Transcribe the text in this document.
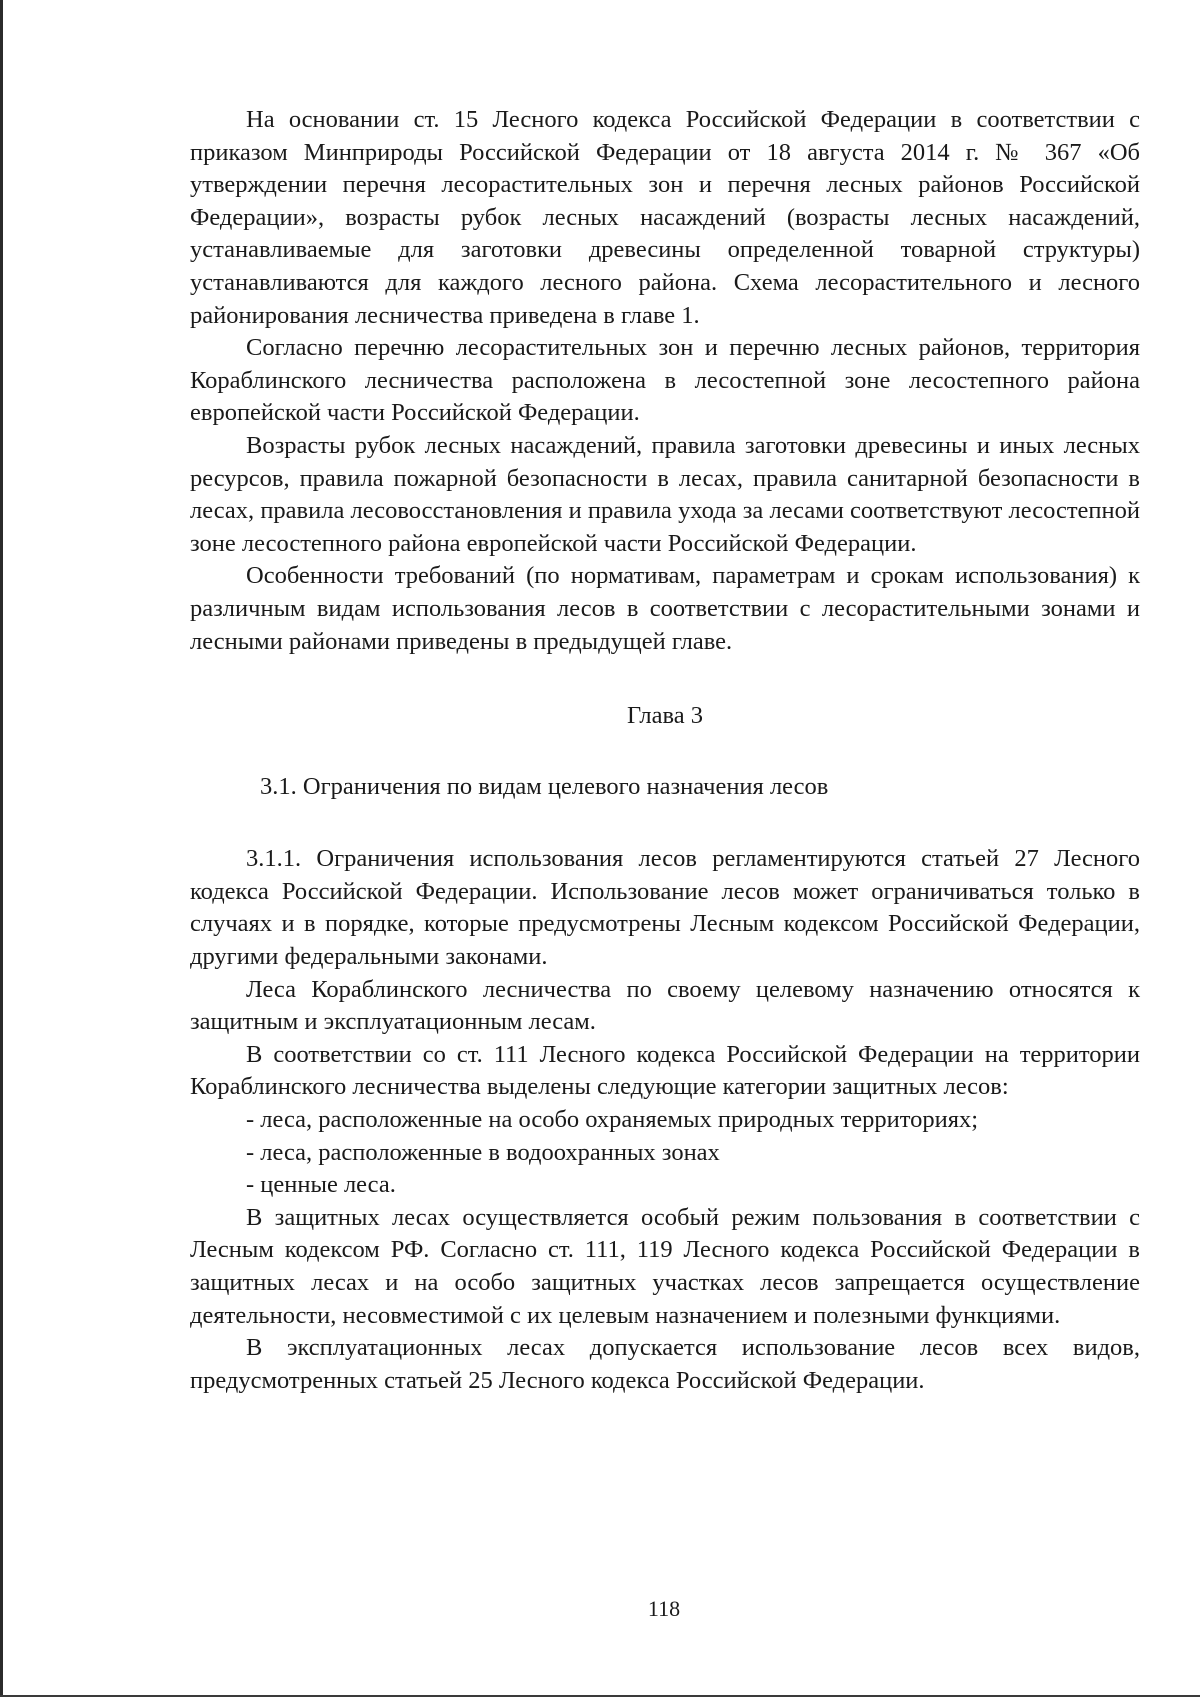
На основании ст. 15 Лесного кодекса Российской Федерации в соответствии с приказом Минприроды Российской Федерации от 18 августа 2014 г. № 367 «Об утверждении перечня лесорастительных зон и перечня лесных районов Российской Федерации», возрасты рубок лесных насаждений (возрасты лесных насаждений, устанавливаемые для заготовки древесины определенной товарной структуры) устанавливаются для каждого лесного района. Схема лесорастительного и лесного районирования лесничества приведена в главе 1.

Согласно перечню лесорастительных зон и перечню лесных районов, территория Кораблинского лесничества расположена в лесостепной зоне лесостепного района европейской части Российской Федерации.

Возрасты рубок лесных насаждений, правила заготовки древесины и иных лесных ресурсов, правила пожарной безопасности в лесах, правила санитарной безопасности в лесах, правила лесовосстановления и правила ухода за лесами соответствуют лесостепной зоне лесостепного района европейской части Российской Федерации.

Особенности требований (по нормативам, параметрам и срокам использования) к различным видам использования лесов в соответствии с лесорастительными зонами и лесными районами приведены в предыдущей главе.

Глава 3

3.1. Ограничения по видам целевого назначения лесов

3.1.1. Ограничения использования лесов регламентируются статьей 27 Лесного кодекса Российской Федерации. Использование лесов может ограничиваться только в случаях и в порядке, которые предусмотрены Лесным кодексом Российской Федерации, другими федеральными законами.

Леса Кораблинского лесничества по своему целевому назначению относятся к защитным и эксплуатационным лесам.

В соответствии со ст. 111 Лесного кодекса Российской Федерации на территории Кораблинского лесничества выделены следующие категории защитных лесов:

- леса, расположенные на особо охраняемых природных территориях;

- леса, расположенные в водоохранных зонах

- ценные леса.

В защитных лесах осуществляется особый режим пользования в соответствии с Лесным кодексом РФ. Согласно ст. 111, 119 Лесного кодекса Российской Федерации в защитных лесах и на особо защитных участках лесов запрещается осуществление деятельности, несовместимой с их целевым назначением и полезными функциями.

В эксплуатационных лесах допускается использование лесов всех видов, предусмотренных статьей 25 Лесного кодекса Российской Федерации.

118
